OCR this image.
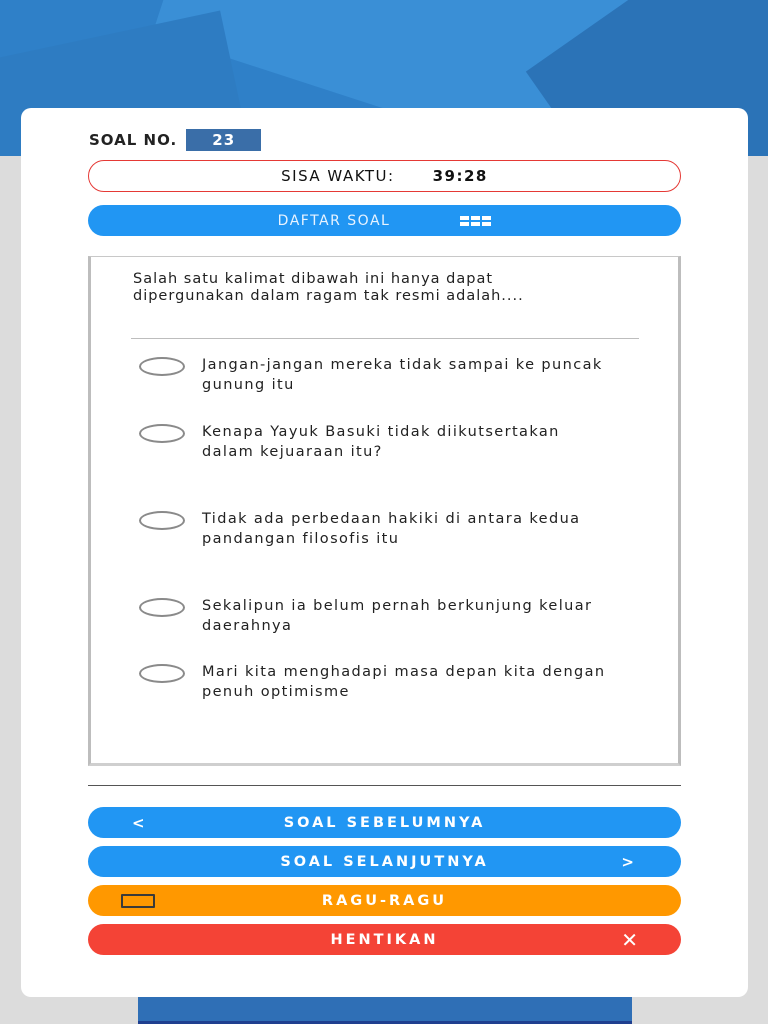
SOAL NO.	23
SISA WAKTU:	39:28
DAFTAR SOAL
Salah satu kalimat dibawah ini hanya dapat dipergunakan dalam ragam tak resmi adalah....
Jangan-jangan mereka tidak sampai ke puncak gunung itu
Kenapa Yayuk Basuki tidak diikutsertakan dalam kejuaraan itu?
Tidak ada perbedaan hakiki di antara kedua pandangan filosofis itu
Sekalipun ia belum pernah berkunjung keluar daerahnya
Mari kita menghadapi masa depan kita dengan penuh optimisme
<	SOAL SEBELUMNYA
SOAL SELANJUTNYA	>
RAGU-RAGU
HENTIKAN	✕
